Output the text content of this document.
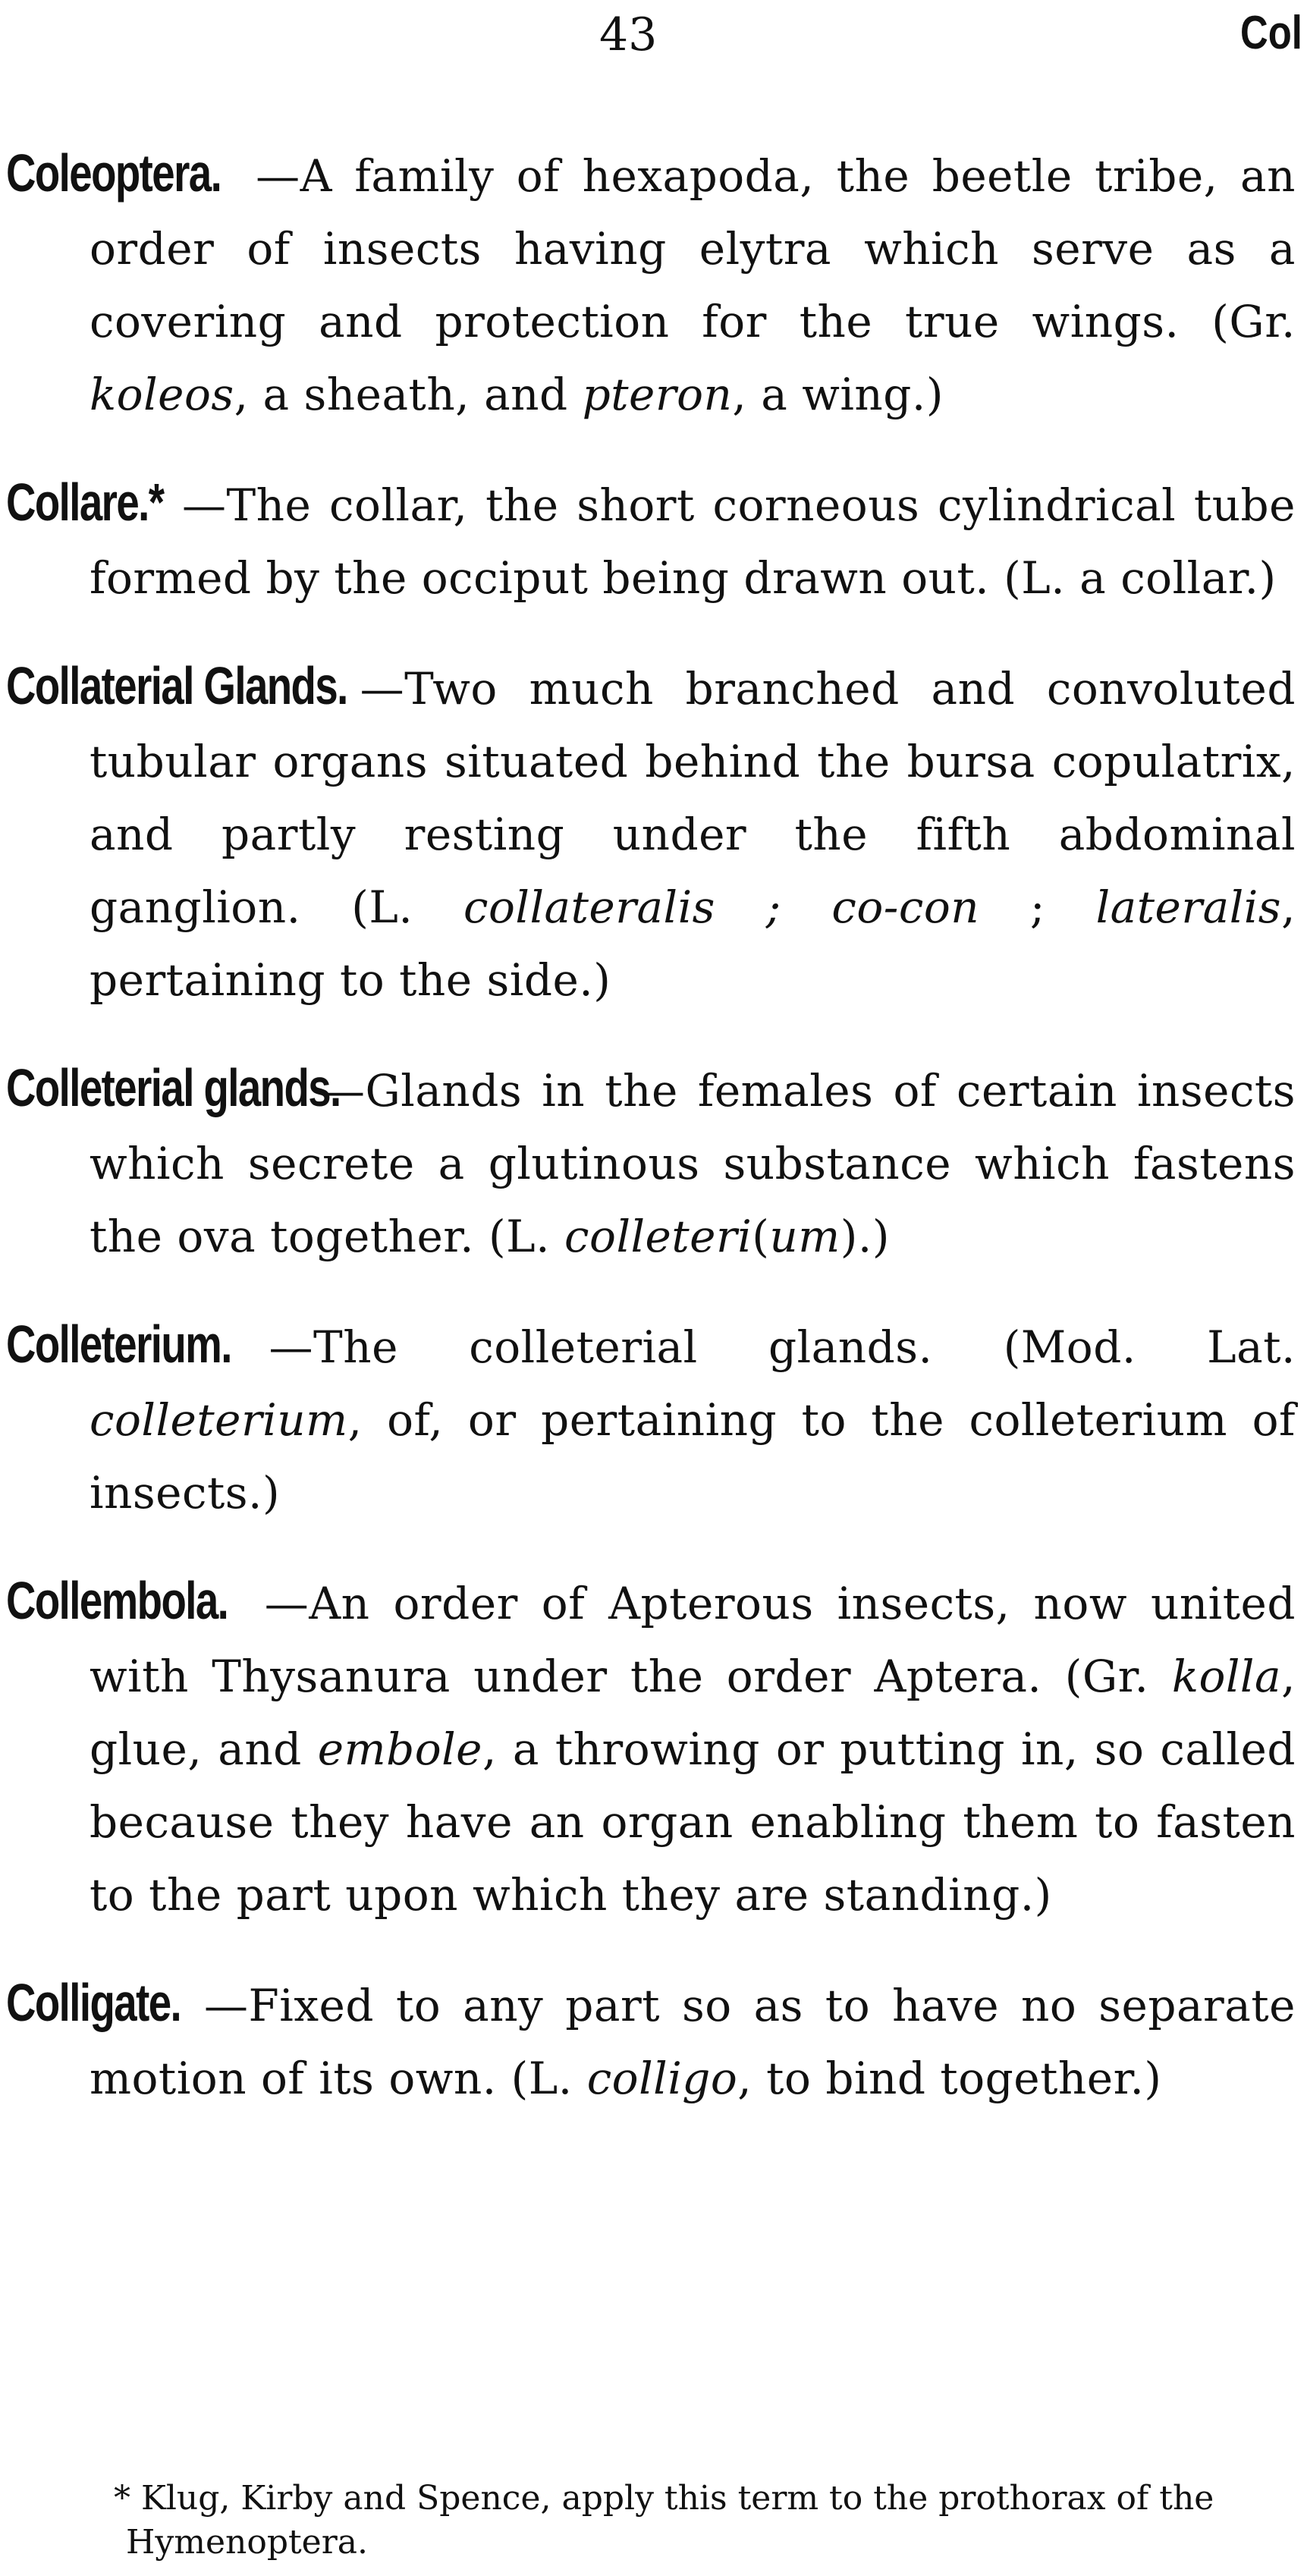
43	Col

Coleoptera. —A family of hexapoda, the beetle tribe, an order of insects having elytra which serve as a covering and protection for the true wings. (Gr. koleos, a sheath, and pteron, a wing.)

Collare.* —The collar, the short corneous cylindrical tube formed by the occiput being drawn out. (L. a collar.)

Collaterial Glands. —Two much branched and convoluted tubular organs situated behind the bursa copulatrix, and partly resting under the fifth abdominal ganglion. (L. collateralis ; co-con ; lateralis, pertaining to the side.)

Colleterial glands.—Glands in the females of certain insects which secrete a glutinous substance which fastens the ova together. (L. colleteri(um).)

Colleterium. —The colleterial glands. (Mod. Lat. colleterium, of, or pertaining to the colleterium of insects.)

Collembola. —An order of Apterous insects, now united with Thysanura under the order Aptera. (Gr. kolla, glue, and embole, a throwing or putting in, so called because they have an organ enabling them to fasten to the part upon which they are standing.)

Colligate. —Fixed to any part so as to have no separate motion of its own. (L. colligo, to bind together.)

* Klug, Kirby and Spence, apply this term to the prothorax of the Hymenoptera.
